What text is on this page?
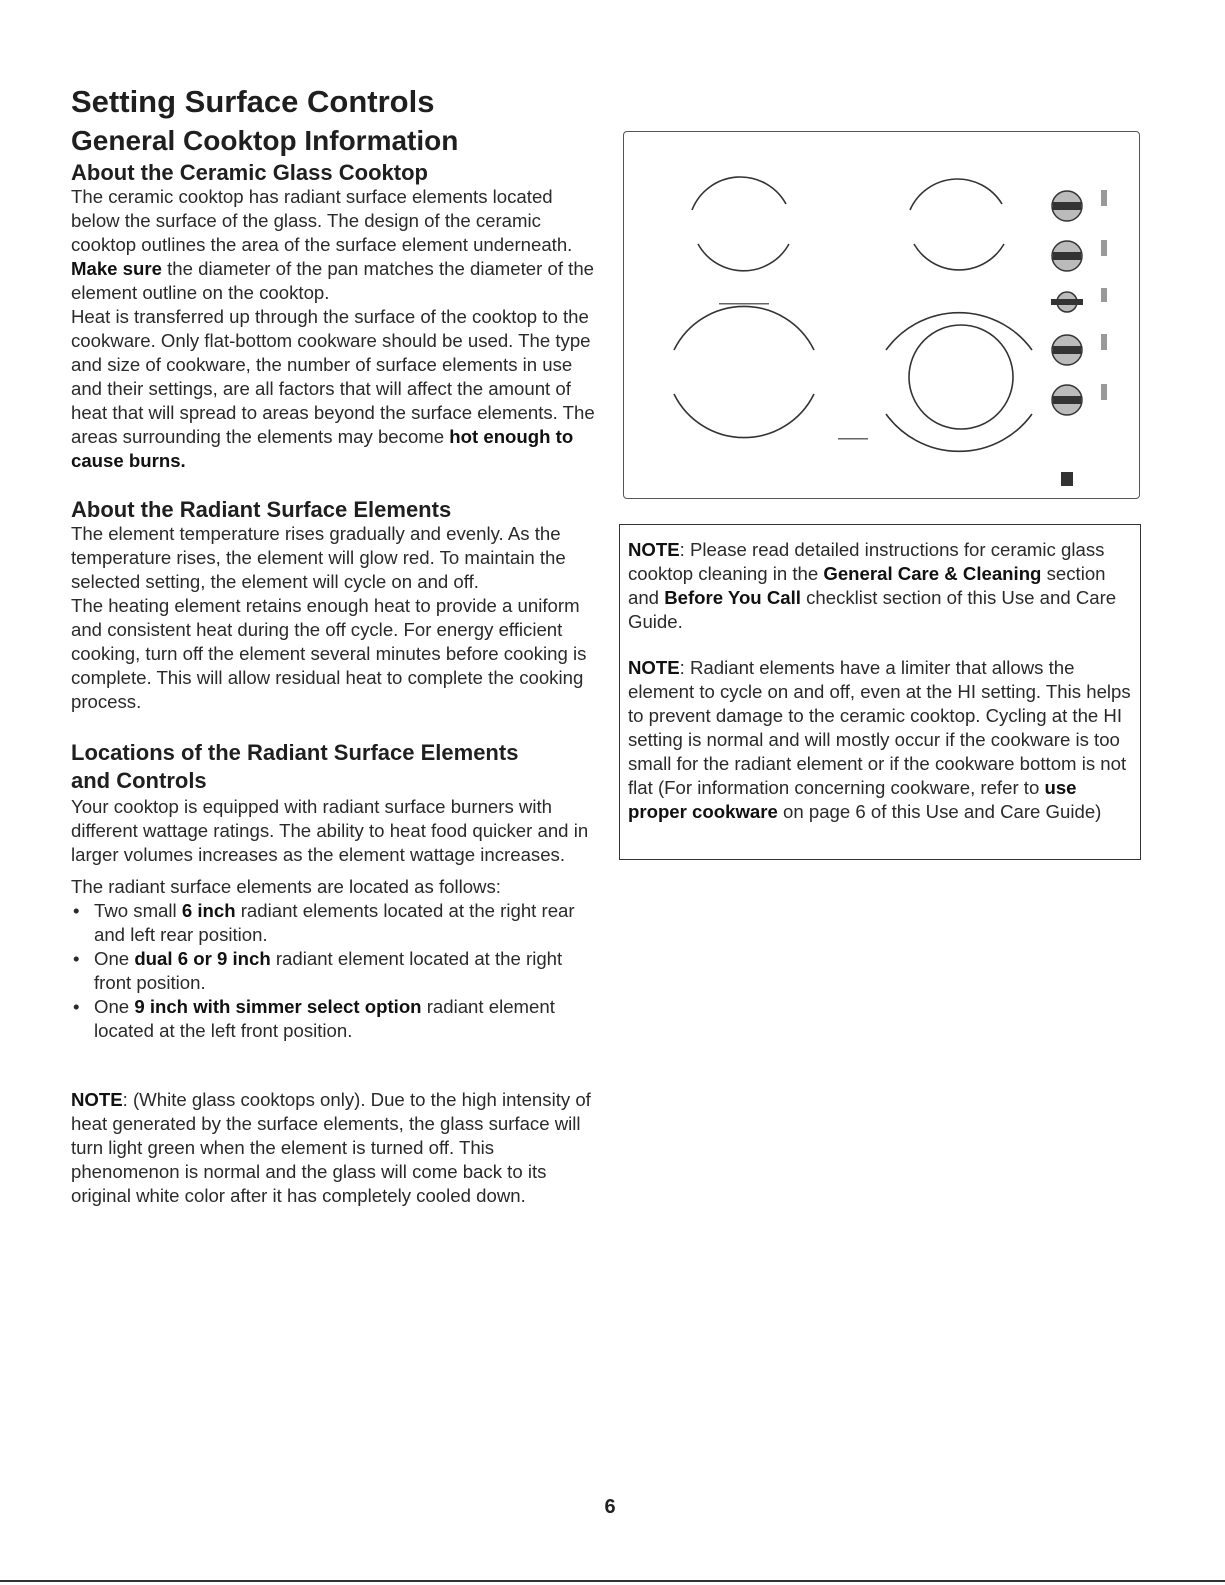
Setting Surface Controls
General Cooktop Information
About the Ceramic Glass Cooktop

The ceramic cooktop has radiant surface elements located below the surface of the glass. The design of the ceramic cooktop outlines the area of the surface element underneath. Make sure the diameter of the pan matches the diameter of the element outline on the cooktop.

Heat is transferred up through the surface of the cooktop to the cookware. Only flat-bottom cookware should be used. The type and size of cookware, the number of surface elements in use and their settings, are all factors that will affect the amount of heat that will spread to areas beyond the surface elements. The areas surrounding the elements may become hot enough to cause burns.

About the Radiant Surface Elements

The element temperature rises gradually and evenly. As the temperature rises, the element will glow red. To maintain the selected setting, the element will cycle on and off.

The heating element retains enough heat to provide a uniform and consistent heat during the off cycle. For energy efficient cooking, turn off the element several minutes before cooking is complete. This will allow residual heat to complete the cooking process.

Locations of the Radiant Surface Elements
and Controls

Your cooktop is equipped with radiant surface burners with different wattage ratings. The ability to heat food quicker and in larger volumes increases as the element wattage increases.

The radiant surface elements are located as follows:

• Two small 6 inch radiant elements located at the right rear and left rear position.
• One dual 6 or 9 inch radiant element located at the right front position.
• One 9 inch with simmer select option radiant element located at the left front position.

NOTE: (White glass cooktops only). Due to the high intensity of heat generated by the surface elements, the glass surface will turn light green when the element is turned off. This phenomenon is normal and the glass will come back to its original white color after it has completely cooled down.

NOTE: Please read detailed instructions for ceramic glass cooktop cleaning in the General Care & Cleaning section and Before You Call checklist section of this Use and Care Guide.

NOTE: Radiant elements have a limiter that allows the element to cycle on and off, even at the HI setting. This helps to prevent damage to the ceramic cooktop. Cycling at the HI setting is normal and will mostly occur if the cookware is too small for the radiant element or if the cookware bottom is not flat (For information concerning cookware, refer to use proper cookware on page 6 of this Use and Care Guide)

6
